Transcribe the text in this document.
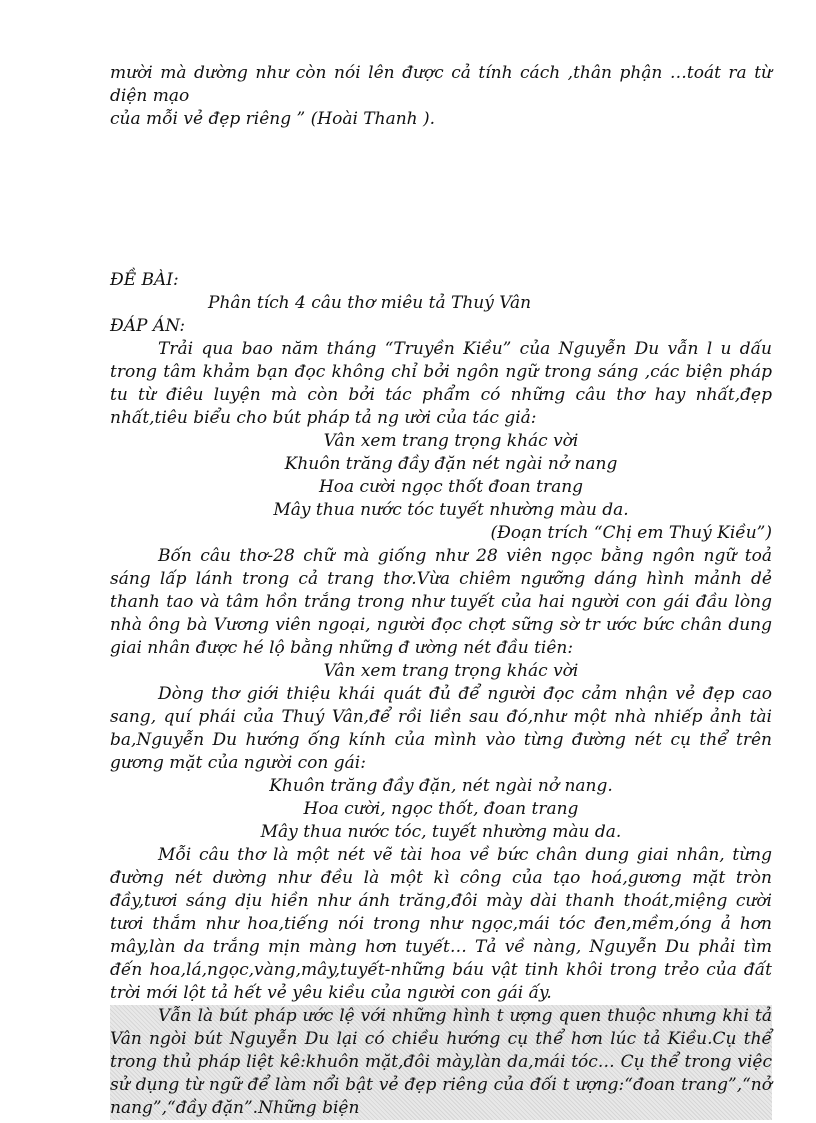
mười mà dường như còn nói lên được cả tính cách ,thân phận …toát ra từ diện mạo

của mỗi vẻ đẹp riêng ” (Hoài Thanh ).

ĐỀ BÀI:

Phân tích 4 câu thơ miêu tả Thuý Vân

ĐÁP ÁN:

Trải qua bao năm tháng “Truyền Kiều” của Nguyễn Du vẫn l u dấu trong tâm khảm bạn đọc không chỉ bởi ngôn ngữ trong sáng ,các biện pháp tu từ điêu luyện mà còn bởi tác phẩm có những câu thơ hay nhất,đẹp nhất,tiêu biểu cho bút pháp tả ng ười của tác giả:

Vân xem trang trọng khác vời

Khuôn trăng đầy đặn nét ngài nở nang

Hoa cười ngọc thốt đoan trang

Mây thua nước tóc tuyết nhường màu da.

(Đoạn trích “Chị em Thuý Kiều”)

Bốn câu thơ-28 chữ mà giống như 28 viên ngọc bằng ngôn ngữ toả sáng lấp lánh trong cả trang thơ.Vừa chiêm ngưỡng dáng hình mảnh dẻ thanh tao và tâm hồn trắng trong như tuyết của hai người con gái đầu lòng nhà ông bà Vương viên ngoại, người đọc chợt sững sờ tr ước bức chân dung giai nhân được hé lộ bằng những đ ường nét đầu tiên:

Vân xem trang trọng khác vời

Dòng thơ giới thiệu khái quát đủ để người đọc cảm nhận vẻ đẹp cao sang, quí phái của Thuý Vân,để rồi liền sau đó,như một nhà nhiếp ảnh tài ba,Nguyễn Du hướng ống kính của mình vào từng đường nét cụ thể trên gương mặt của người con gái:

Khuôn trăng đầy đặn, nét ngài nở nang.

Hoa cười, ngọc thốt, đoan trang

Mây thua nước tóc, tuyết nhường màu da.

Mỗi câu thơ là một nét vẽ tài hoa về bức chân dung giai nhân, từng đường nét dường như đều là một kì công của tạo hoá,gương mặt tròn đầy,tươi sáng dịu hiền như ánh trăng,đôi mày dài thanh thoát,miệng cười tươi thắm như hoa,tiếng nói trong như ngọc,mái tóc đen,mềm,óng ả hơn mây,làn da trắng mịn màng hơn tuyết… Tả về nàng, Nguyễn Du phải tìm đến hoa,lá,ngọc,vàng,mây,tuyết-những báu vật tinh khôi trong trẻo của đất trời mới lột tả hết vẻ yêu kiều của người con gái ấy.

Vẫn là bút pháp ước lệ với những hình t ượng quen thuộc nhưng khi tả Vân ngòi bút Nguyễn Du lại có chiều hướng cụ thể hơn lúc tả Kiều.Cụ thể trong thủ pháp liệt kê:khuôn mặt,đôi mày,làn da,mái tóc… Cụ thể trong việc sử dụng từ ngữ để làm nổi bật vẻ đẹp riêng của đối t ượng:“đoan trang”,“nở nang”,“đầy đặn”.Những biện
